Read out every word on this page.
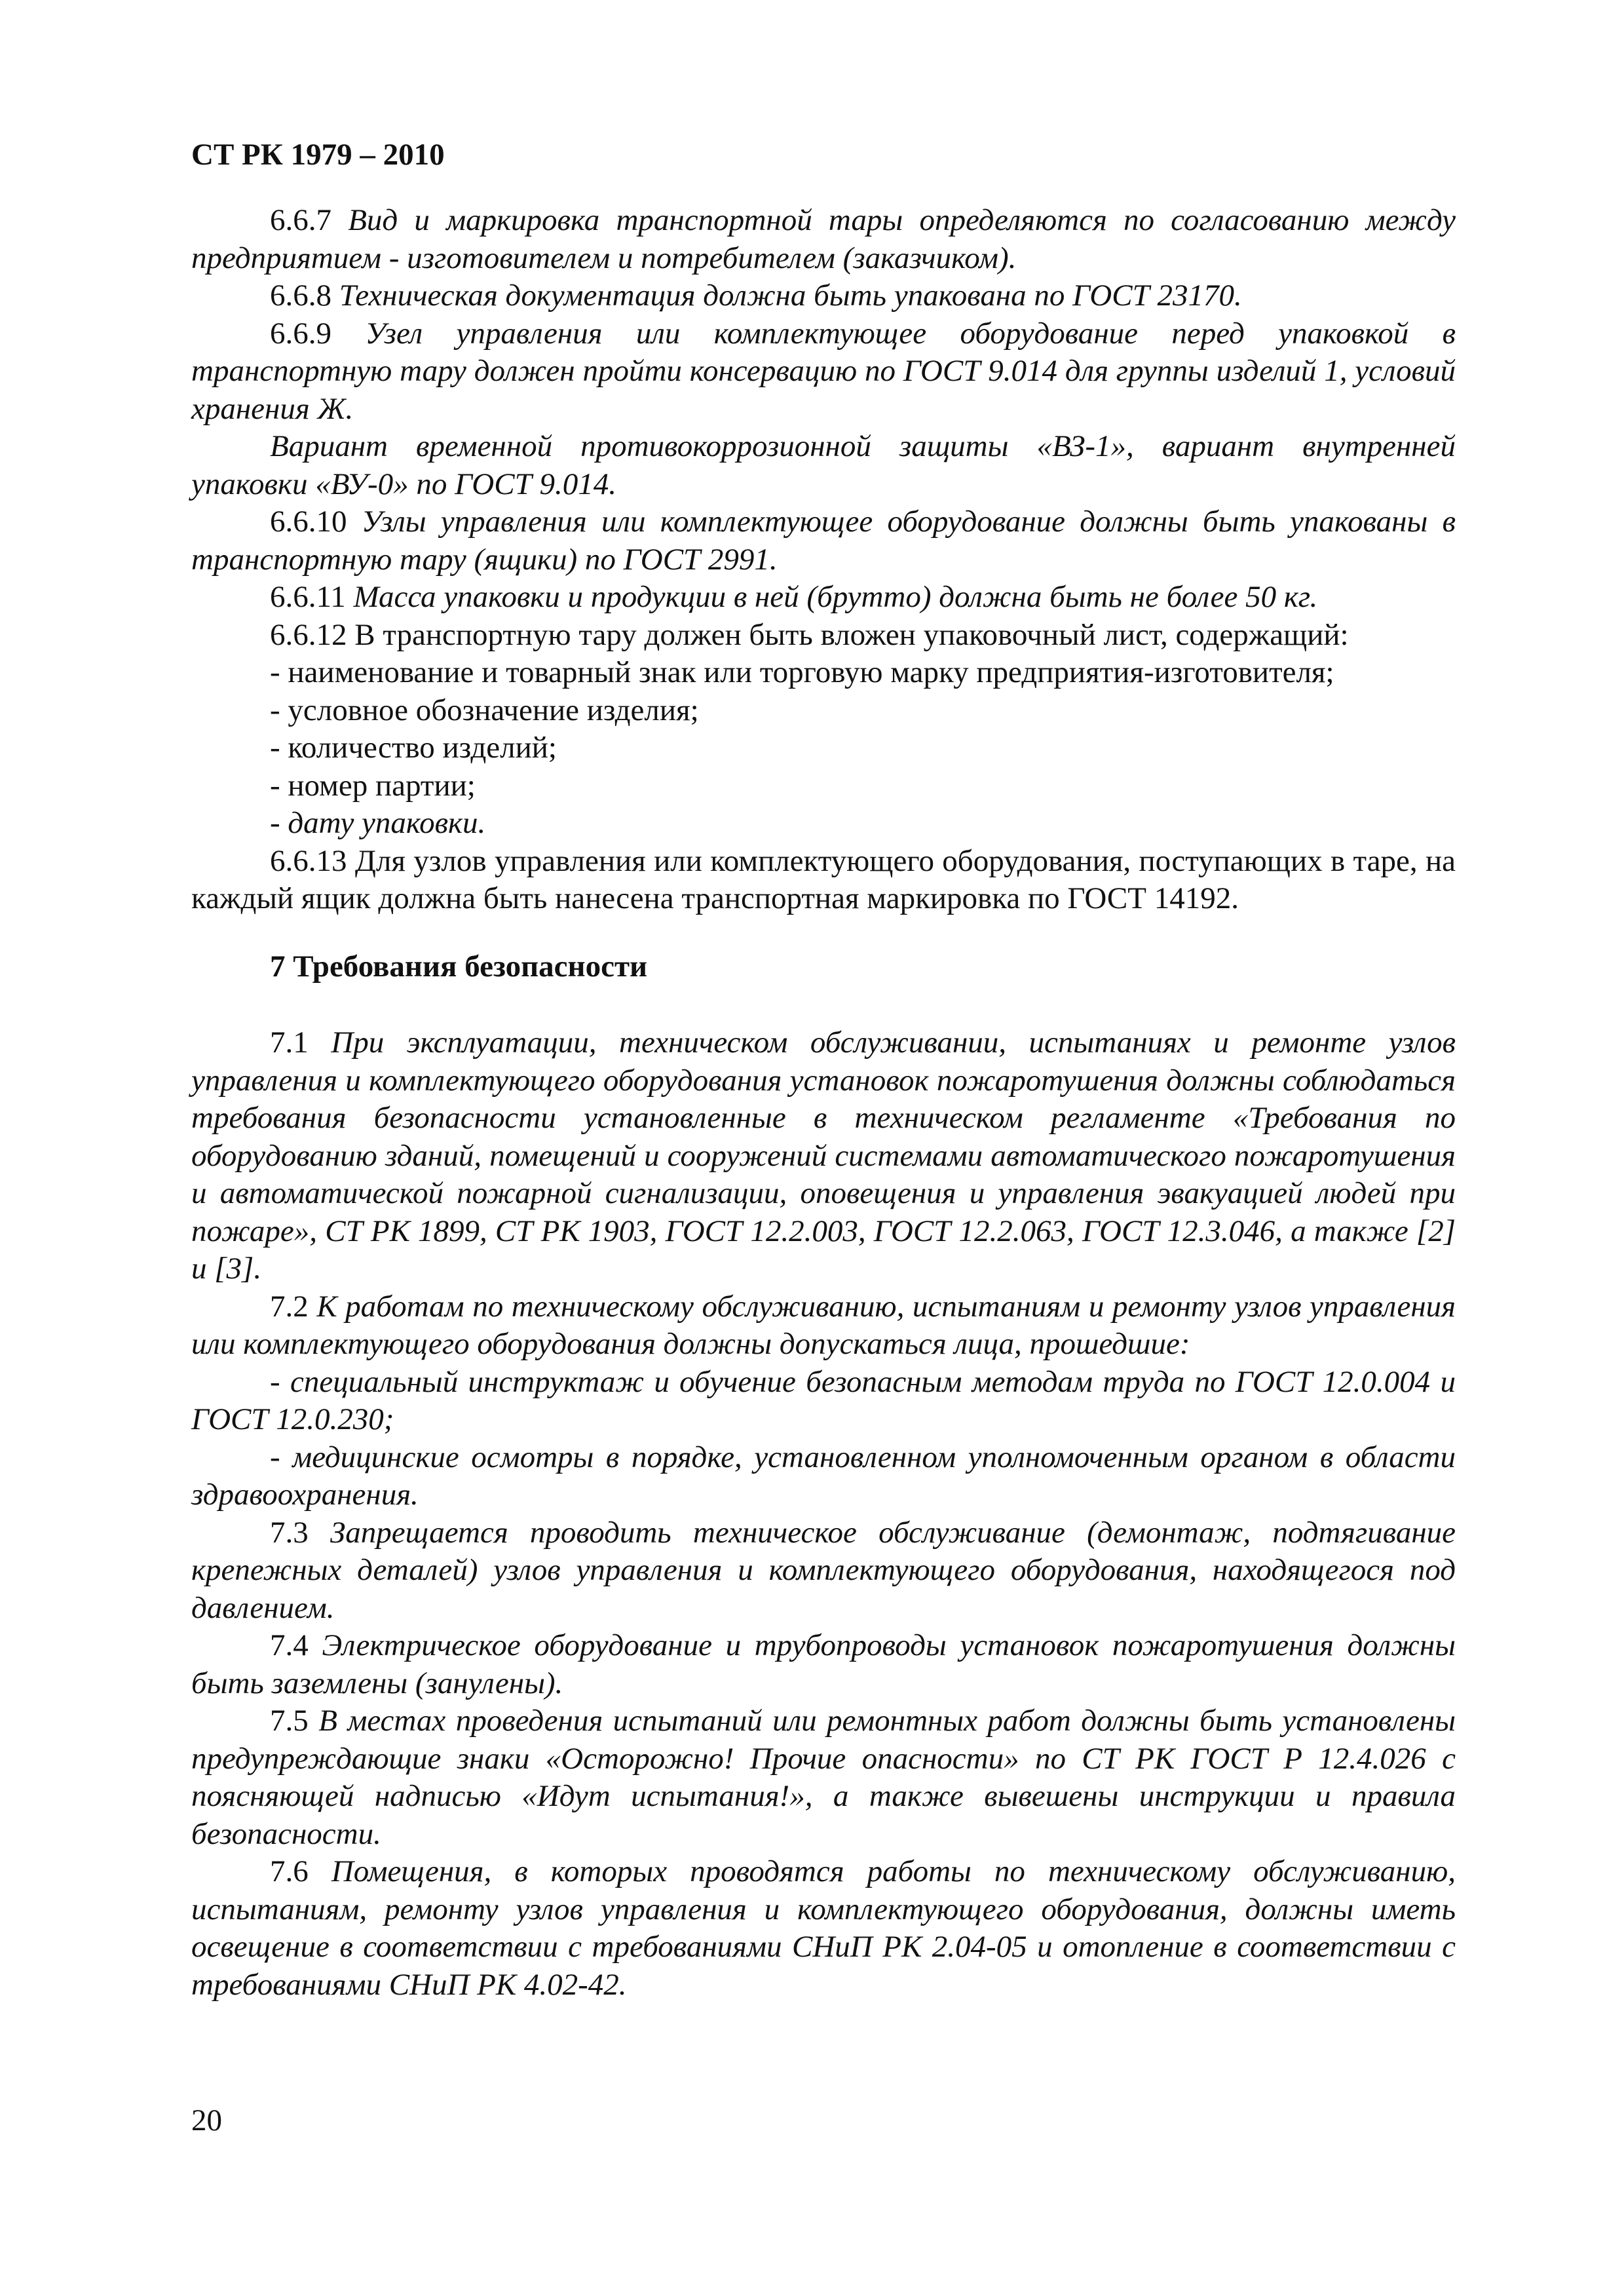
СТ РК 1979 – 2010

6.6.7 Вид и маркировка транспортной тары определяются по согласованию между предприятием - изготовителем и потребителем (заказчиком).

6.6.8 Техническая документация должна быть упакована по ГОСТ 23170.

6.6.9 Узел управления или комплектующее оборудование перед упаковкой в транспортную тару должен пройти консервацию по ГОСТ 9.014 для группы изделий 1, условий хранения Ж.

Вариант временной противокоррозионной защиты «ВЗ-1», вариант внутренней упаковки «ВУ-0» по ГОСТ 9.014.

6.6.10 Узлы управления или комплектующее оборудование должны быть упакованы в транспортную тару (ящики) по ГОСТ 2991.

6.6.11 Масса упаковки и продукции в ней (брутто) должна быть не более 50 кг.

6.6.12 В транспортную тару должен быть вложен упаковочный лист, содержащий:

- наименование и товарный знак или торговую марку предприятия-изготовителя;

- условное обозначение изделия;

- количество изделий;

- номер партии;

- дату упаковки.

6.6.13 Для узлов управления или комплектующего оборудования, поступающих в таре, на каждый ящик должна быть нанесена транспортная маркировка по ГОСТ 14192.

7 Требования безопасности

7.1 При эксплуатации, техническом обслуживании, испытаниях и ремонте узлов управления и комплектующего оборудования установок пожаротушения должны соблюдаться требования безопасности установленные в техническом регламенте «Требования по оборудованию зданий, помещений и сооружений системами автоматического пожаротушения и автоматической пожарной сигнализации, оповещения и управления эвакуацией людей при пожаре», СТ РК 1899, СТ РК 1903, ГОСТ 12.2.003, ГОСТ 12.2.063, ГОСТ 12.3.046, а также [2] и [3].

7.2 К работам по техническому обслуживанию, испытаниям и ремонту узлов управления или комплектующего оборудования должны допускаться лица, прошедшие:

- специальный инструктаж и обучение безопасным методам труда по ГОСТ 12.0.004 и ГОСТ 12.0.230;

- медицинские осмотры в порядке, установленном уполномоченным органом в области здравоохранения.

7.3 Запрещается проводить техническое обслуживание (демонтаж, подтягивание крепежных деталей) узлов управления и комплектующего оборудования, находящегося под давлением.

7.4 Электрическое оборудование и трубопроводы установок пожаротушения должны быть заземлены (занулены).

7.5 В местах проведения испытаний или ремонтных работ должны быть установлены предупреждающие знаки «Осторожно! Прочие опасности» по СТ РК ГОСТ Р 12.4.026 с поясняющей надписью «Идут испытания!», а также вывешены инструкции и правила безопасности.

7.6 Помещения, в которых проводятся работы по техническому обслуживанию, испытаниям, ремонту узлов управления и комплектующего оборудования, должны иметь освещение в соответствии с требованиями СНиП РК 2.04-05 и отопление в соответствии с требованиями СНиП РК 4.02-42.

20
